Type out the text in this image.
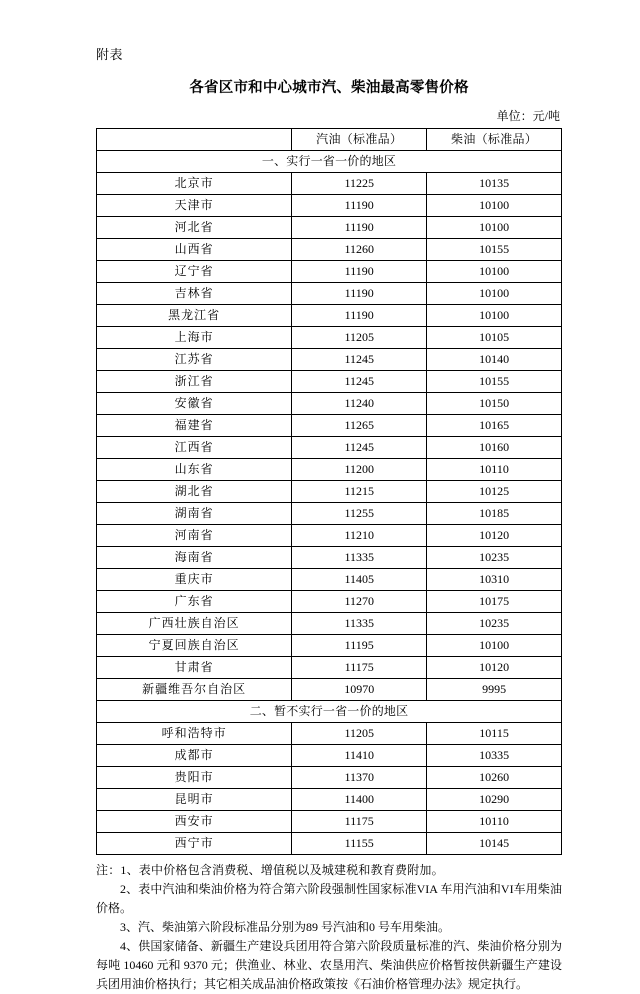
附表
各省区市和中心城市汽、柴油最高零售价格
单位：元/吨
	汽油（标准品）	柴油（标准品）
一、实行一省一价的地区		
北京市	11225	10135
天津市	11190	10100
河北省	11190	10100
山西省	11260	10155
辽宁省	11190	10100
吉林省	11190	10100
黑龙江省	11190	10100
上海市	11205	10105
江苏省	11245	10140
浙江省	11245	10155
安徽省	11240	10150
福建省	11265	10165
江西省	11245	10160
山东省	11200	10110
湖北省	11215	10125
湖南省	11255	10185
河南省	11210	10120
海南省	11335	10235
重庆市	11405	10310
广东省	11270	10175
广西壮族自治区	11335	10235
宁夏回族自治区	11195	10100
甘肃省	11175	10120
新疆维吾尔自治区	10970	9995
二、暂不实行一省一价的地区		
呼和浩特市	11205	10115
成都市	11410	10335
贵阳市	11370	10260
昆明市	11400	10290
西安市	11175	10110
西宁市	11155	10145

注：1、表中价格包含消费税、增值税以及城建税和教育费附加。

2、表中汽油和柴油价格为符合第六阶段强制性国家标准VIA 车用汽油和VI车用柴油价格。

3、汽、柴油第六阶段标准品分别为89 号汽油和0 号车用柴油。

4、供国家储备、新疆生产建设兵团用符合第六阶段质量标准的汽、柴油价格分别为每吨 10460 元和 9370 元；供渔业、林业、农垦用汽、柴油供应价格暂按供新疆生产建设兵团用油价格执行；其它相关成品油价格政策按《石油价格管理办法》规定执行。
